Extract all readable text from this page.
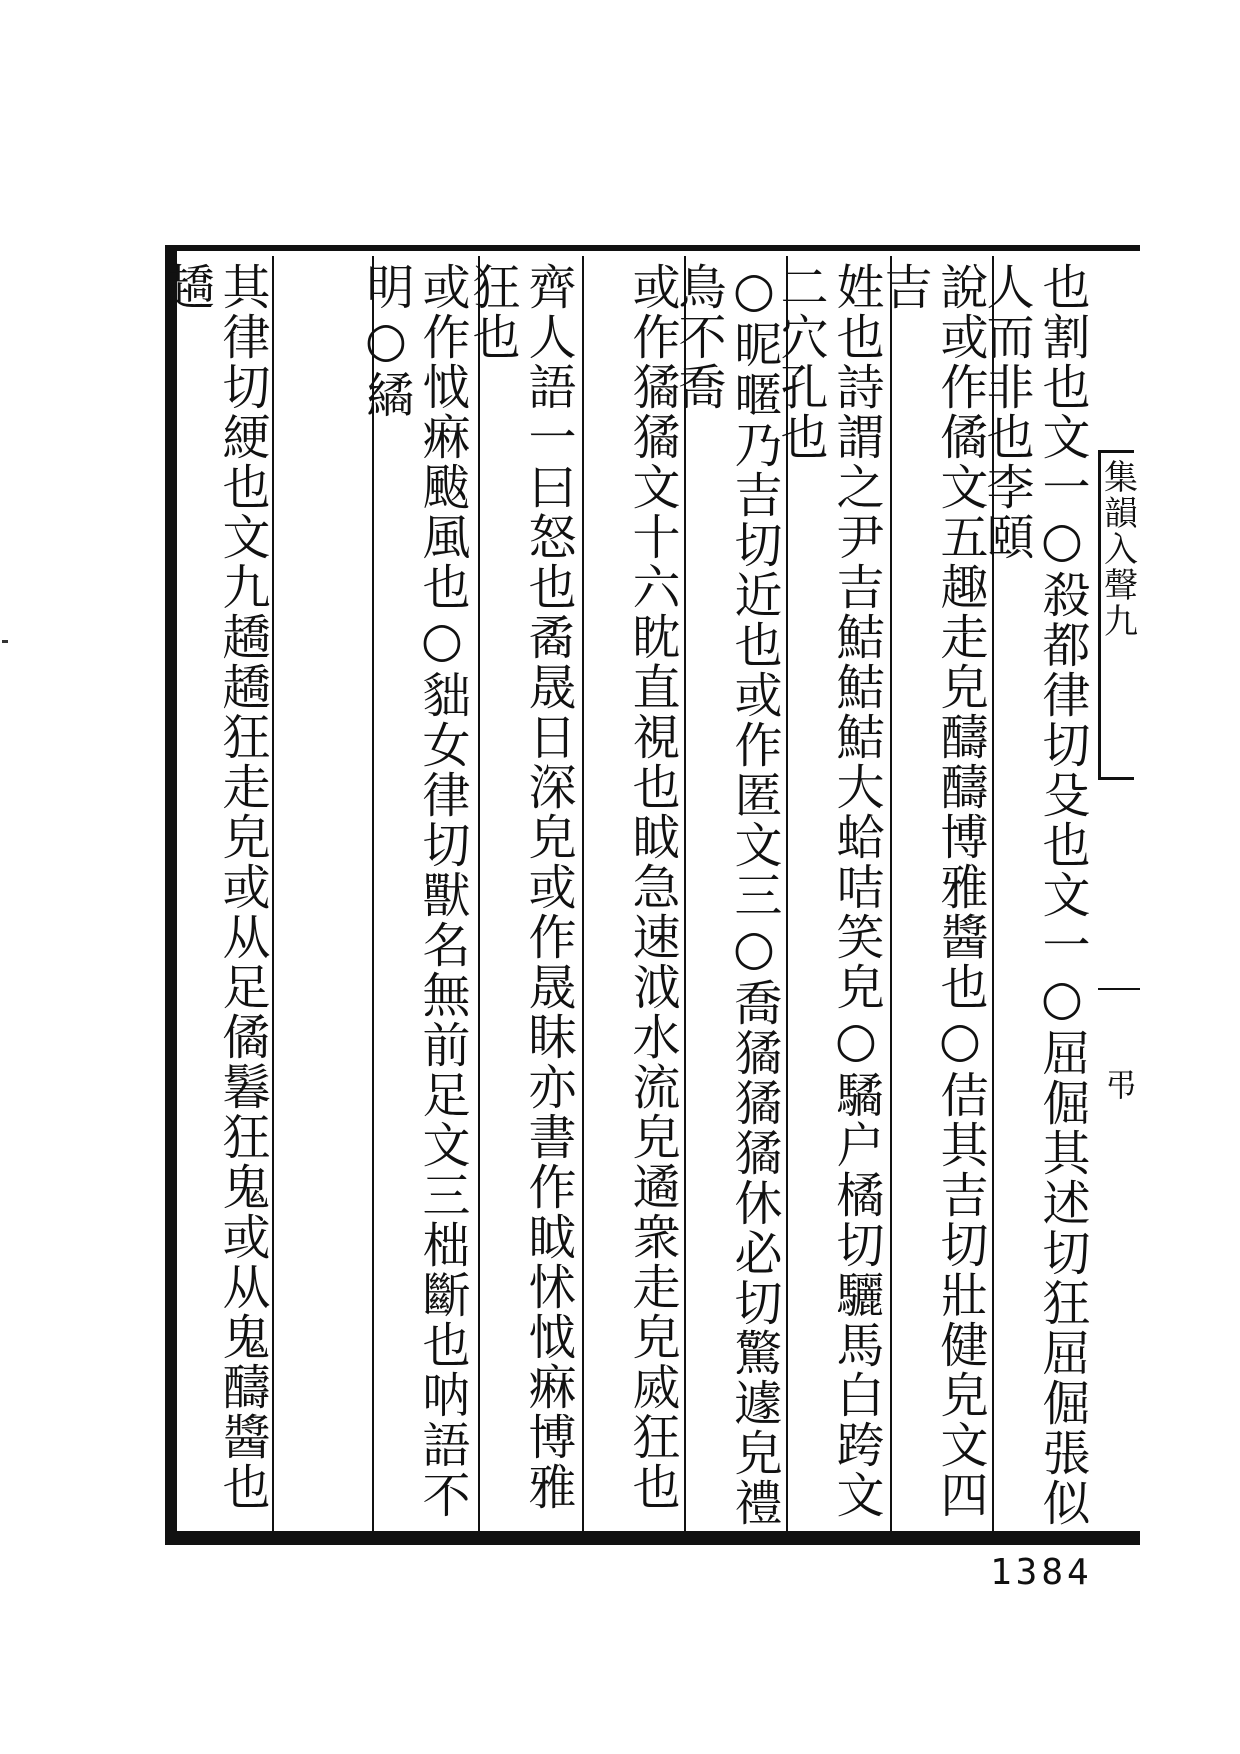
集韻入聲九
弔
也割也文一○殺都律切殳也文一○屈倔其述切狂屈倔張似人而非也李頤
說或作僪文五趣走皃醻醻博雅醬也○佶其吉切壯健皃文四吉
姓也詩謂之尹吉鮚鮚鮚大蛤咭笑皃○驈户橘切驪馬白跨文二穴孔也
○昵暱乃吉切近也或作匿文三○喬獝獝獝休必切驚遽皃禮鳥不喬
或作獝獝文十六眈直視也眓急速泧水流皃遹衆走皃烕狂也
齊人語一曰怒也矞晟日深皃或作晟眜亦書作眓怵怴痳博雅狂也
或作怴痳颰風也○貀女律切獸名無前足文三柮斷也呐語不明○繘
其律切綆也文九趫趫狂走皃或从足僪鬊狂鬼或从鬼醻醬也趫
1384
